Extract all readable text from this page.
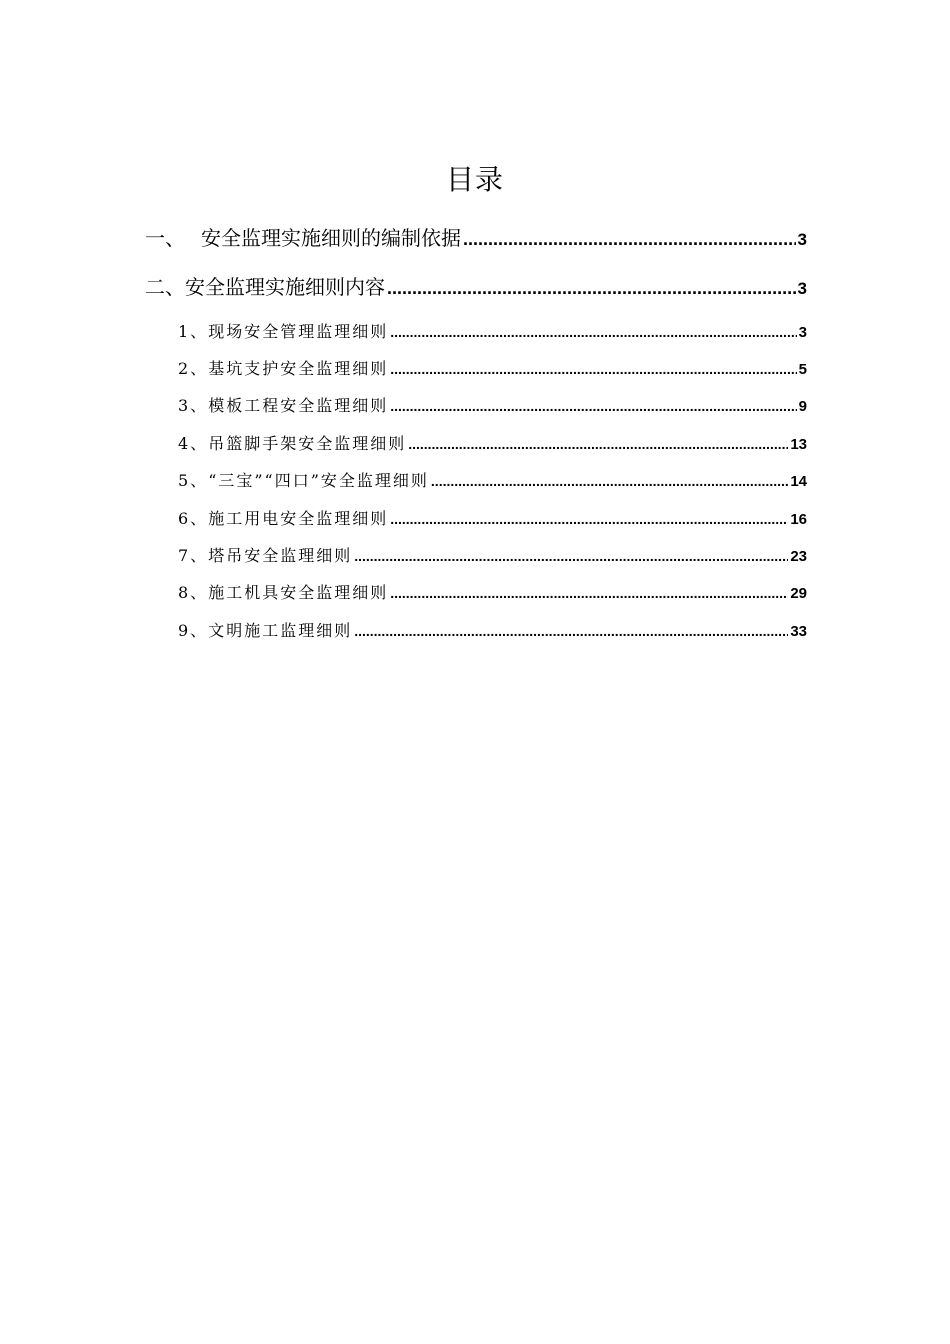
目录
一、 安全监理实施细则的编制依据 .....	3
二、 安全监理实施细则内容 .....	3
1、 现场安全管理监理细则 .....	3
2、 基坑支护安全监理细则 .....	5
3、 模板工程安全监理细则 .....	9
4、 吊篮脚手架安全监理细则 .....	13
5、 “三宝”“四口”安全监理细则 .....	14
6、 施工用电安全监理细则 .....	16
7、 塔吊安全监理细则 .....	23
8、 施工机具安全监理细则 .....	29
9、 文明施工监理细则 .....	33
